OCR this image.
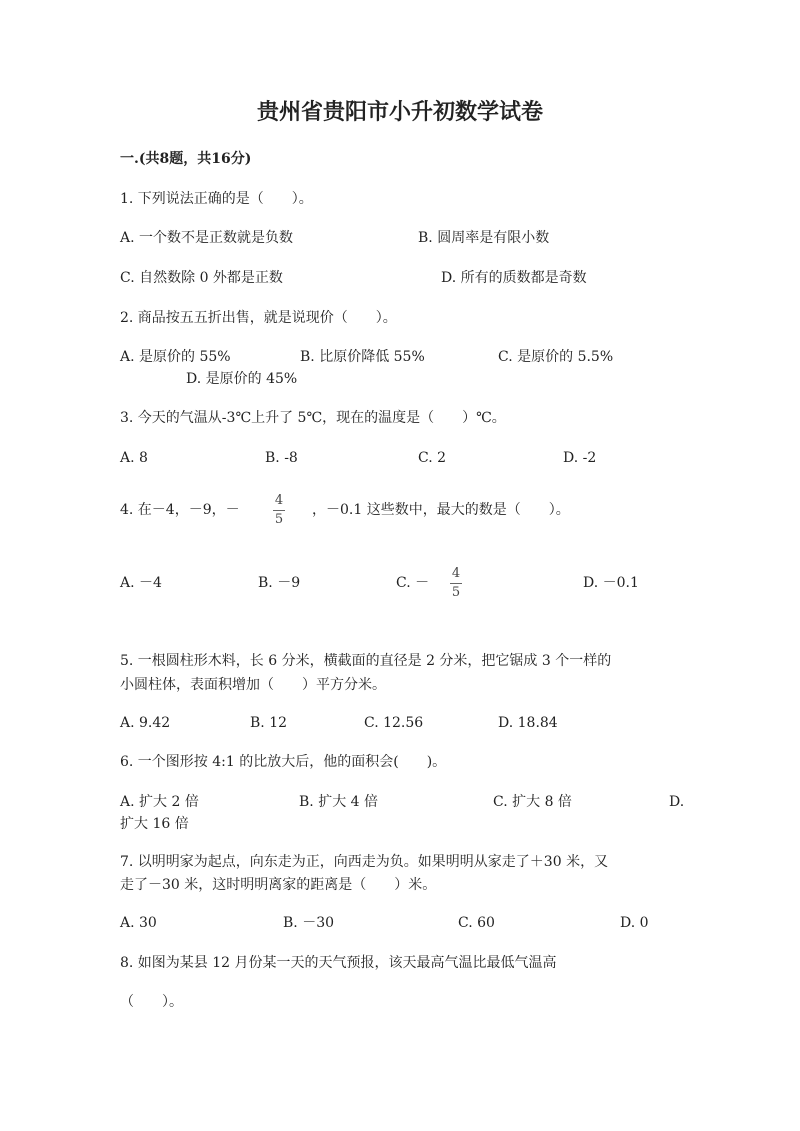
贵州省贵阳市小升初数学试卷
一.(共8题，共16分)
1. 下列说法正确的是（　　）。
A. 一个数不是正数就是负数	B. 圆周率是有限小数
C. 自然数除 0 外都是正数	D. 所有的质数都是奇数
2. 商品按五五折出售，就是说现价（　　）。
A. 是原价的 55%	B. 比原价降低 55%	C. 是原价的 5.5%
D. 是原价的 45%
3. 今天的气温从-3℃上升了 5℃，现在的温度是（　　）℃。
A. 8	B. -8	C. 2	D. -2
4. 在－4，－9，－
4
5
，－0.1 这些数中，最大的数是（　　）。
A. －4	B. －9	C. －
4
5
D. －0.1
5. 一根圆柱形木料，长 6 分米，横截面的直径是 2 分米，把它锯成 3 个一样的
小圆柱体，表面积增加（　　）平方分米。
A. 9.42	B. 12	C. 12.56	D. 18.84
6. 一个图形按 4:1 的比放大后，他的面积会(　　)。
A. 扩大 2 倍	B. 扩大 4 倍	C. 扩大 8 倍	D.
扩大 16 倍
7. 以明明家为起点，向东走为正，向西走为负。如果明明从家走了＋30 米，又
走了－30 米，这时明明离家的距离是（　　）米。
A. 30	B. －30	C. 60	D. 0
8. 如图为某县 12 月份某一天的天气预报，该天最高气温比最低气温高
（　　）。
